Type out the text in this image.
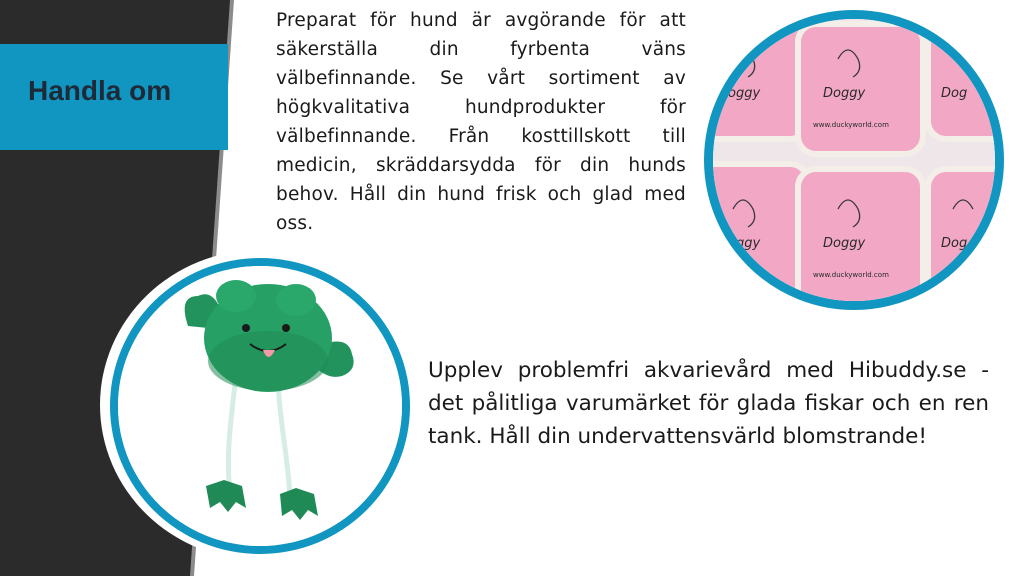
Handla om
Preparat för hund är avgörande för att säkerställa din fyrbenta väns välbefinnande. Se vårt sortiment av högkvalitativa hundprodukter för välbefinnande. Från kosttillskott till medicin, skräddarsydda för din hunds behov. Håll din hund frisk och glad med oss.
Upplev problemfri akvarievård med Hibuddy.se - det pålitliga varumärket för glada fiskar och en ren tank. Håll din undervattensvärld blomstrande!
Doggy
www.duckyworld.com
Doggy
www.duckyworld.com
Doggy
Doggy
Dog
Dog
